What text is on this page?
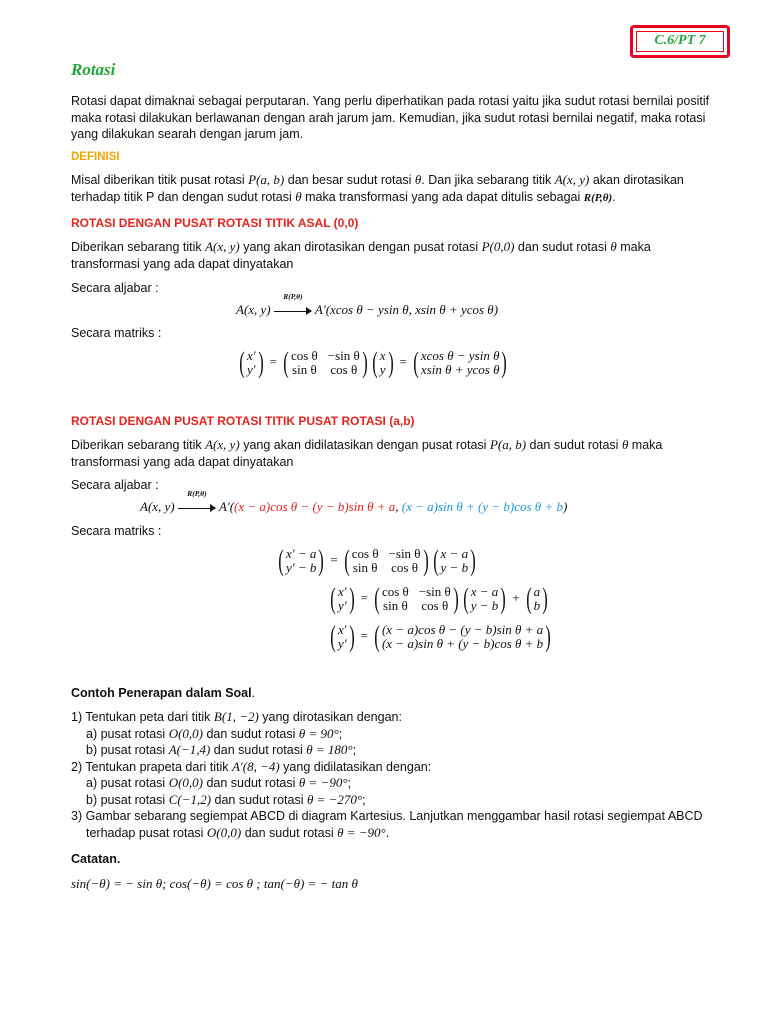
C.6/PT 7
Rotasi
Rotasi dapat dimaknai sebagai perputaran. Yang perlu diperhatikan pada rotasi yaitu jika sudut rotasi bernilai positif maka rotasi dilakukan berlawanan dengan arah jarum jam. Kemudian, jika sudut rotasi bernilai negatif, maka rotasi yang dilakukan searah dengan jarum jam.
DEFINISI
Misal diberikan titik pusat rotasi P(a, b) dan besar sudut rotasi θ. Dan jika sebarang titik A(x, y) akan dirotasikan terhadap titik P dan dengan sudut rotasi θ maka transformasi yang ada dapat ditulis sebagai R(P,θ).
ROTASI DENGAN PUSAT ROTASI TITIK ASAL (0,0)
Diberikan sebarang titik A(x, y) yang akan dirotasikan dengan pusat rotasi P(0,0) dan sudut rotasi θ maka transformasi yang ada dapat dinyatakan
Secara aljabar :
A(x, y)
R(P,θ)
A′(xcos θ − ysin θ, xsin θ + ycos θ)
Secara matriks :
( x′
y′ ) = ( cos θ −sin θ
sin θ cos θ ) ( x
y ) = ( xcos θ − ysin θ
xsin θ + ycos θ )
ROTASI DENGAN PUSAT ROTASI TITIK PUSAT ROTASI (a,b)
Diberikan sebarang titik A(x, y) yang akan didilatasikan dengan pusat rotasi P(a, b) dan sudut rotasi θ maka transformasi yang ada dapat dinyatakan
Secara aljabar :
A(x, y)
R(P,θ)
A′((x − a)cos θ − (y − b)sin θ + a, (x − a)sin θ + (y − b)cos θ + b)
Secara matriks :
( x′ − a
y′ − b ) = ( cos θ −sin θ
sin θ cos θ ) ( x − a
y − b )
( x′
y′ ) = ( cos θ −sin θ
sin θ cos θ ) ( x − a
y − b ) + ( a
b )
( x′
y′ ) = ( (x − a)cos θ − (y − b)sin θ + a
(x − a)sin θ + (y − b)cos θ + b )
Contoh Penerapan dalam Soal.
1) Tentukan peta dari titik B(1, −2) yang dirotasikan dengan:
a) pusat rotasi O(0,0) dan sudut rotasi θ = 90°;
b) pusat rotasi A(−1,4) dan sudut rotasi θ = 180°;
2) Tentukan prapeta dari titik A′(8, −4) yang didilatasikan dengan:
a) pusat rotasi O(0,0) dan sudut rotasi θ = −90°;
b) pusat rotasi C(−1,2) dan sudut rotasi θ = −270°;
3) Gambar sebarang segiempat ABCD di diagram Kartesius. Lanjutkan menggambar hasil rotasi segiempat ABCD
terhadap pusat rotasi O(0,0) dan sudut rotasi θ = −90°.
Catatan.
sin(−θ) = − sin θ; cos(−θ) = cos θ ; tan(−θ) = − tan θ
